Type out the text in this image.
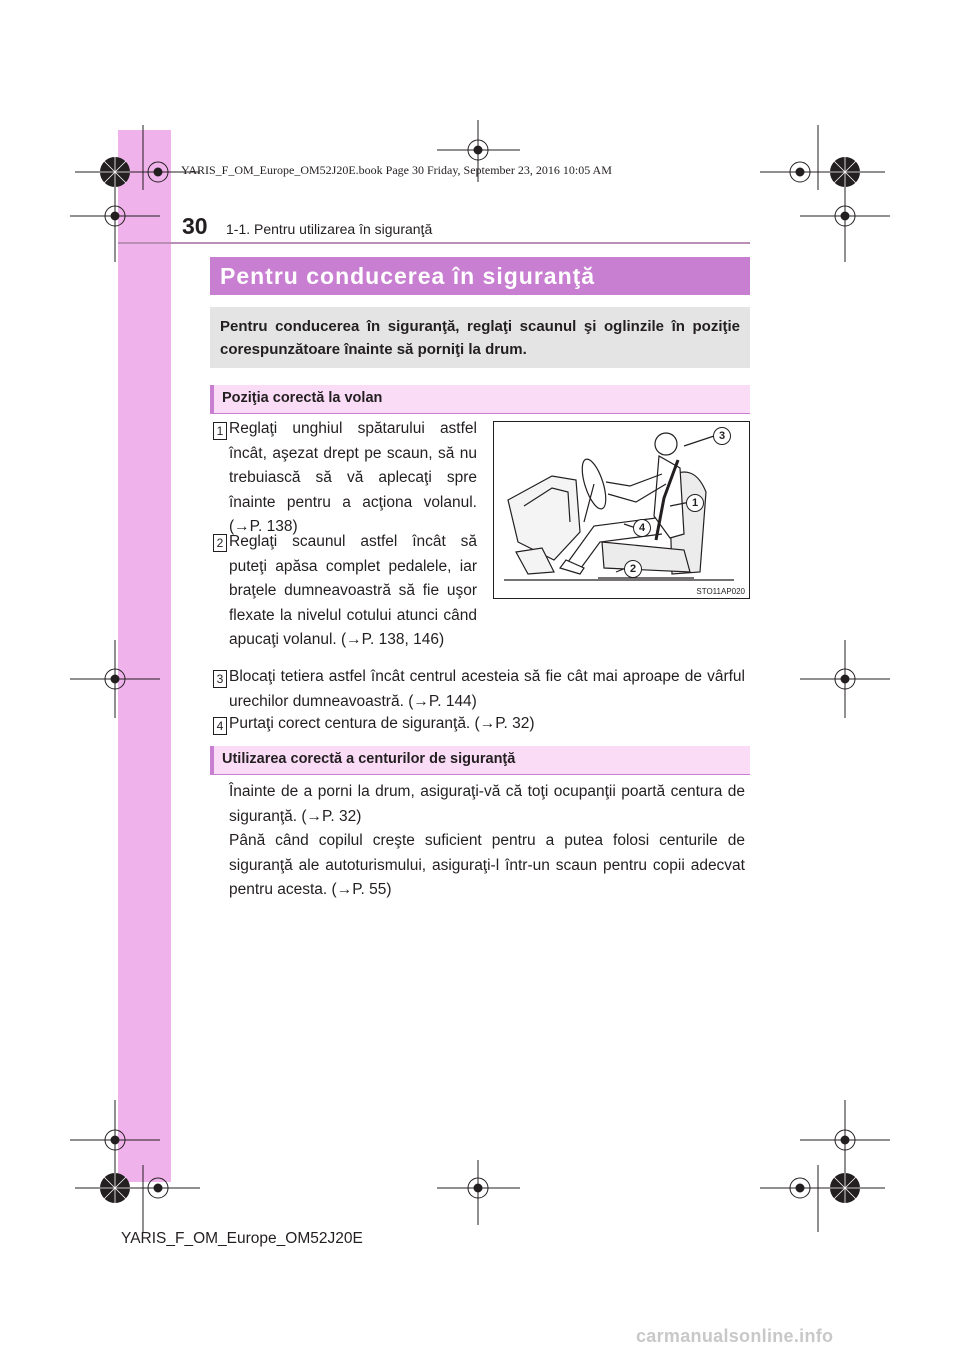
YARIS_F_OM_Europe_OM52J20E.book Page 30 Friday, September 23, 2016 10:05 AM
30 1-1. Pentru utilizarea în siguranţă
Pentru conducerea în siguranţă
Pentru conducerea în siguranţă, reglaţi scaunul şi oglinzile în poziţie corespunzătoare înainte să porniţi la drum.
Poziţia corectă la volan
1 Reglaţi unghiul spătarului astfel încât, aşezat drept pe scaun, să nu trebuiască să vă aplecaţi spre înainte pentru a acţiona volanul. (→P. 138)

2 Reglaţi scaunul astfel încât să puteţi apăsa complet pedalele, iar braţele dumneavoastră să fie uşor flexate la nivelul cotului atunci când apucaţi volanul. (→P. 138, 146)

3
1
4
2
STO11AP020
3 Blocaţi tetiera astfel încât centrul acesteia să fie cât mai aproape de vârful urechilor dumneavoastră. (→P. 144)

4 Purtaţi corect centura de siguranţă. (→P. 32)

Utilizarea corectă a centurilor de siguranţă

Înainte de a porni la drum, asiguraţi-vă că toţi ocupanţii poartă centura de siguranţă. (→P. 32)

Până când copilul creşte suficient pentru a putea folosi centurile de siguranţă ale autoturismului, asiguraţi-l într-un scaun pentru copii adecvat pentru acesta. (→P. 55)

YARIS_F_OM_Europe_OM52J20E
carmanualsonline.info
